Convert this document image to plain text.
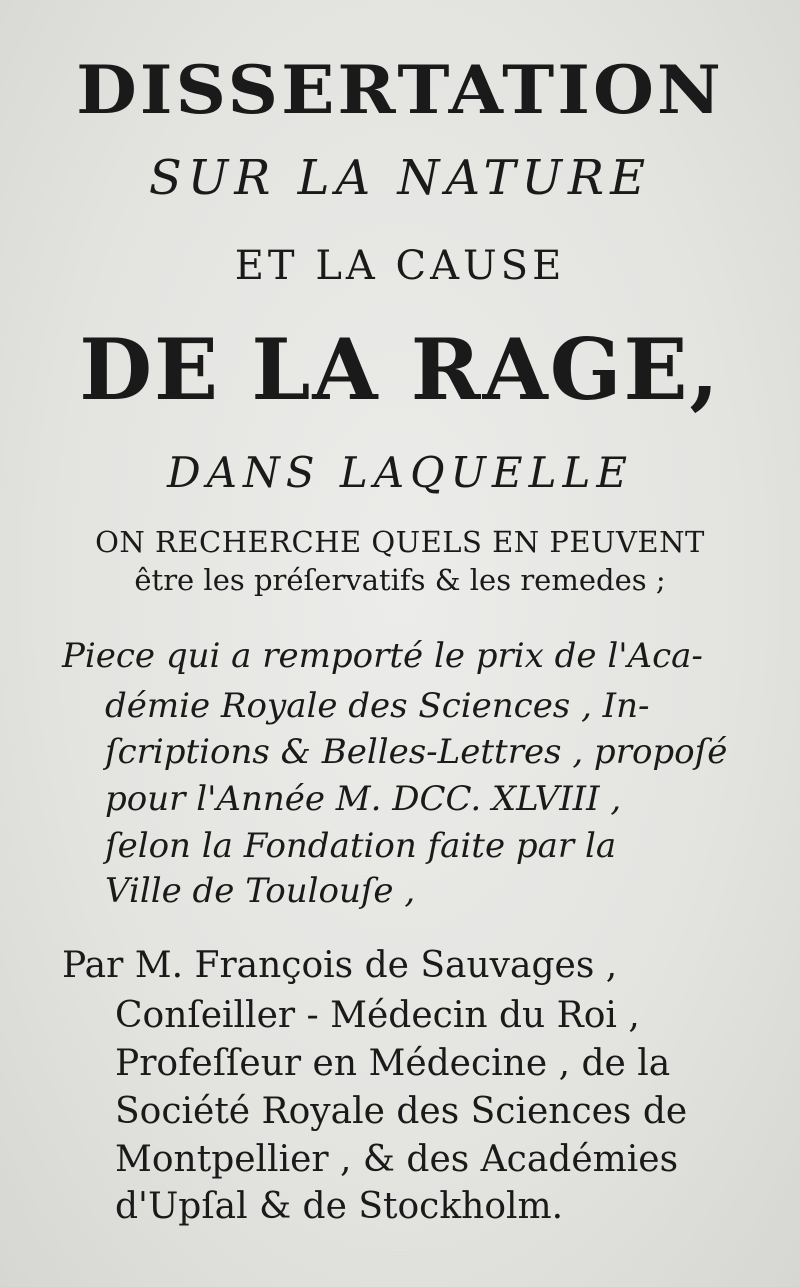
DISSERTATION
SUR LA NATURE
ET LA CAUSE
DE LA RAGE,
DANS LAQUELLE
ON RECHERCHE QUELS EN PEUVENT
être les préſervatifs & les remedes ;
Piece qui a remporté le prix de l'Aca-
démie Royale des Sciences , In-
ſcriptions & Belles-Lettres , propoſé
pour l'Année M. DCC. XLVIII ,
ſelon la Fondation faite par la
Ville de Toulouſe ,
Par M. François de Sauvages ,
Conſeiller - Médecin du Roi ,
Profeſſeur en Médecine , de la
Société Royale des Sciences de
Montpellier , & des Académies
d'Upſal & de Stockholm.
